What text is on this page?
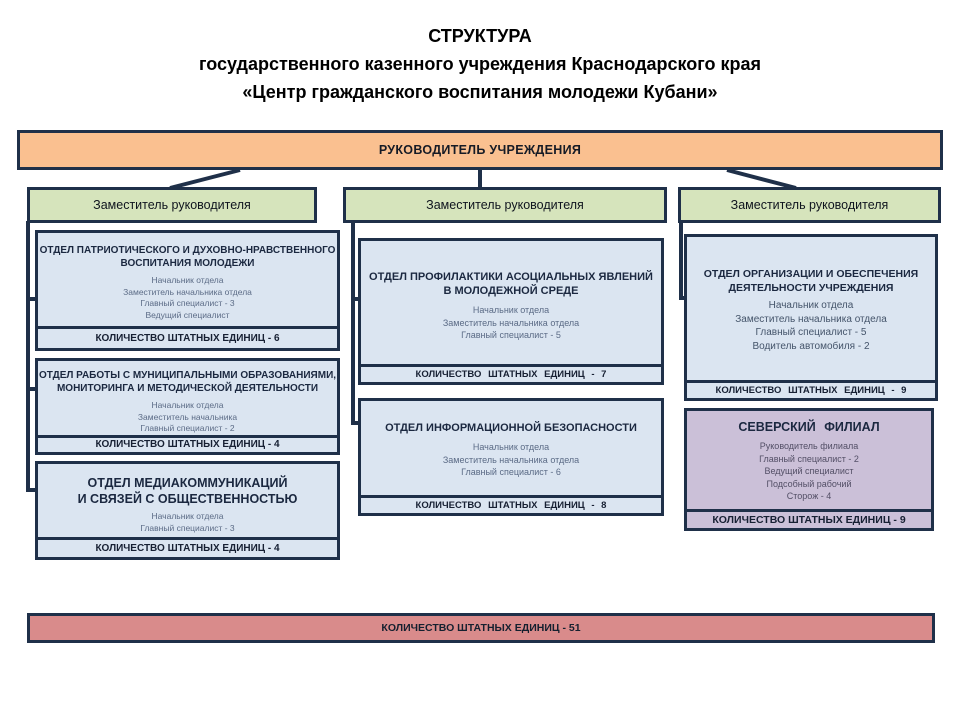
СТРУКТУРА
государственного казенного учреждения Краснодарского края
«Центр гражданского воспитания молодежи Кубани»
РУКОВОДИТЕЛЬ УЧРЕЖДЕНИЯ
Заместитель руководителя	Заместитель руководителя	Заместитель руководителя
ОТДЕЛ ПАТРИОТИЧЕСКОГО И ДУХОВНО-НРАВСТВЕННОГО
ВОСПИТАНИЯ МОЛОДЕЖИ
Начальник отдела
Заместитель начальника отдела
Главный специалист - 3
Ведущий специалист
КОЛИЧЕСТВО ШТАТНЫХ ЕДИНИЦ - 6
ОТДЕЛ РАБОТЫ С МУНИЦИПАЛЬНЫМИ ОБРАЗОВАНИЯМИ,
МОНИТОРИНГА И МЕТОДИЧЕСКОЙ ДЕЯТЕЛЬНОСТИ
Начальник отдела
Заместитель начальника
Главный специалист - 2
КОЛИЧЕСТВО ШТАТНЫХ ЕДИНИЦ - 4
ОТДЕЛ МЕДИАКОММУНИКАЦИЙ
И СВЯЗЕЙ С ОБЩЕСТВЕННОСТЬЮ
Начальник отдела
Главный специалист - 3
КОЛИЧЕСТВО ШТАТНЫХ ЕДИНИЦ - 4
ОТДЕЛ ПРОФИЛАКТИКИ АСОЦИАЛЬНЫХ ЯВЛЕНИЙ
В МОЛОДЕЖНОЙ СРЕДЕ
Начальник отдела
Заместитель начальника отдела
Главный специалист - 5
КОЛИЧЕСТВО ШТАТНЫХ ЕДИНИЦ - 7
ОТДЕЛ ИНФОРМАЦИОННОЙ БЕЗОПАСНОСТИ
Начальник отдела
Заместитель начальника отдела
Главный специалист - 6
КОЛИЧЕСТВО ШТАТНЫХ ЕДИНИЦ - 8
ОТДЕЛ ОРГАНИЗАЦИИ И ОБЕСПЕЧЕНИЯ
ДЕЯТЕЛЬНОСТИ УЧРЕЖДЕНИЯ
Начальник отдела
Заместитель начальника отдела
Главный специалист - 5
Водитель автомобиля - 2
КОЛИЧЕСТВО ШТАТНЫХ ЕДИНИЦ - 9
СЕВЕРСКИЙ ФИЛИАЛ
Руководитель филиала
Главный специалист - 2
Ведущий специалист
Подсобный рабочий
Сторож - 4
КОЛИЧЕСТВО ШТАТНЫХ ЕДИНИЦ - 9
КОЛИЧЕСТВО ШТАТНЫХ ЕДИНИЦ - 51
